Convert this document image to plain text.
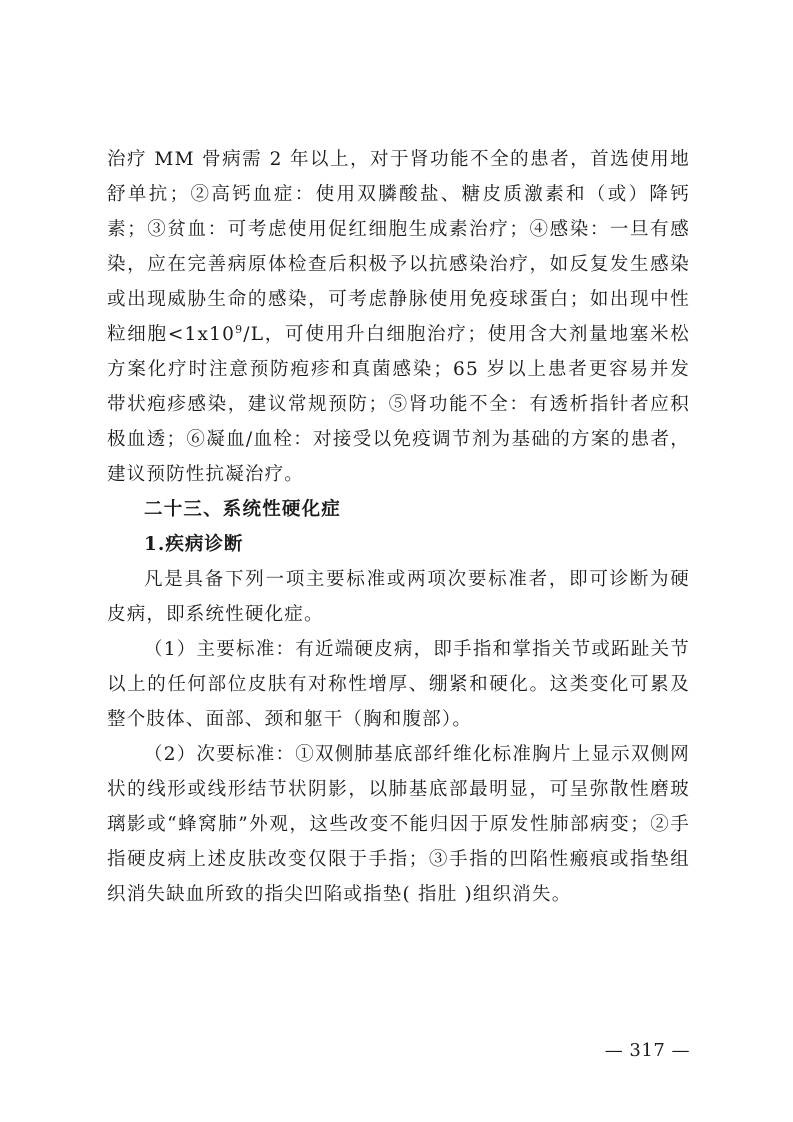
治疗 MM 骨病需 2 年以上，对于肾功能不全的患者，首选使用地舒单抗；②高钙血症：使用双膦酸盐、糖皮质激素和（或）降钙素；③贫血：可考虑使用促红细胞生成素治疗；④感染：一旦有感染，应在完善病原体检查后积极予以抗感染治疗，如反复发生感染或出现威胁生命的感染，可考虑静脉使用免疫球蛋白；如出现中性粒细胞$<1x10^9/L$，可使用升白细胞治疗；使用含大剂量地塞米松方案化疗时注意预防疱疹和真菌感染；65 岁以上患者更容易并发带状疱疹感染，建议常规预防；⑤肾功能不全：有透析指针者应积极血透；⑥凝血/血栓：对接受以免疫调节剂为基础的方案的患者，建议预防性抗凝治疗。

二十三、系统性硬化症

1.疾病诊断

凡是具备下列一项主要标准或两项次要标准者，即可诊断为硬皮病，即系统性硬化症。

（1）主要标准：有近端硬皮病，即手指和掌指关节或跖趾关节以上的任何部位皮肤有对称性增厚、绷紧和硬化。这类变化可累及整个肢体、面部、颈和躯干（胸和腹部）。

（2）次要标准：①双侧肺基底部纤维化标准胸片上显示双侧网状的线形或线形结节状阴影，以肺基底部最明显，可呈弥散性磨玻璃影或“蜂窝肺”外观，这些改变不能归因于原发性肺部病变；②手指硬皮病上述皮肤改变仅限于手指；③手指的凹陷性瘢痕或指垫组织消失缺血所致的指尖凹陷或指垫( 指肚 )组织消失。

— 317 —
